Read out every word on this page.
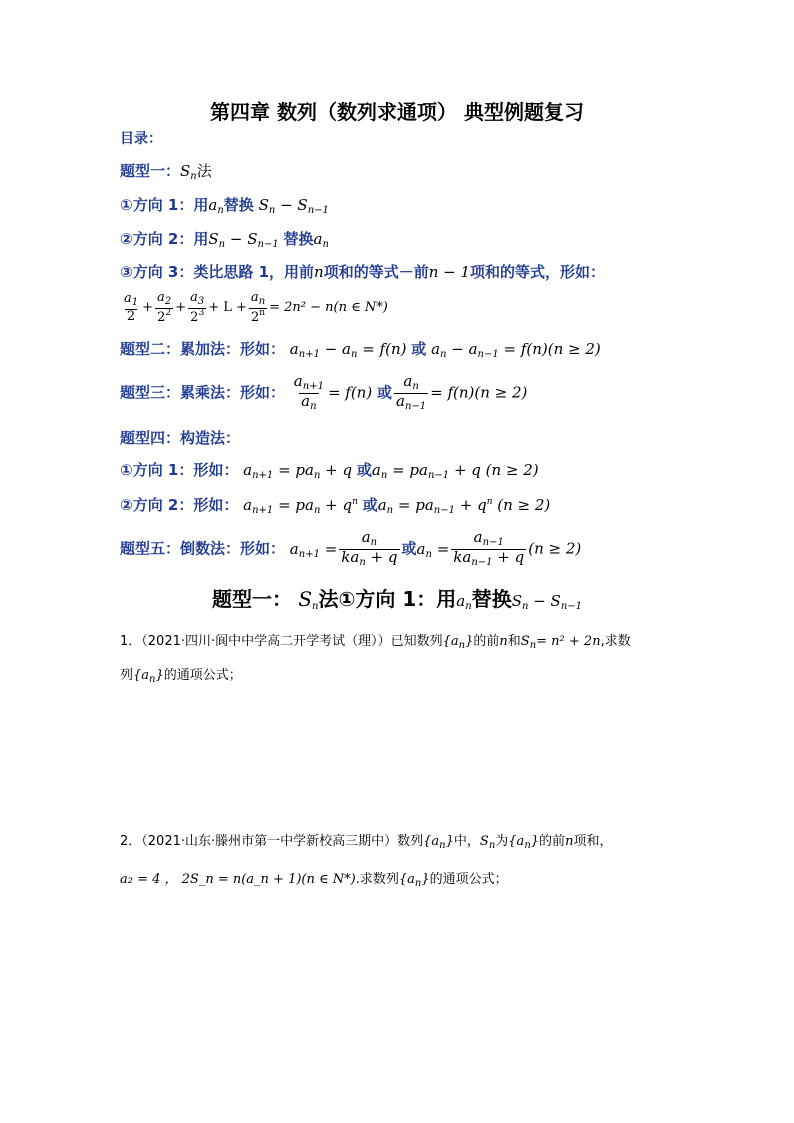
第四章 数列（数列求通项） 典型例题复习
目录：
题型一：$S_n$法
①方向 1：用$a_n$替换 $S_n - S_{n-1}$
②方向 2：用$S_n - S_{n-1}$ 替换$a_n$
③方向 3：类比思路 1，用前n项和的等式－前n − 1项和的等式，形如：
$\frac{a_1}{2} + \frac{a_2}{2^2} + \frac{a_3}{2^3} + L + \frac{a_n}{2^n} = 2n^2 - n(n$ ∈ N*)
题型二：累加法：形如： $a_{n+1} - a_n = f(n)$ 或 $a_n - a_{n-1} = f(n)(n \ge 2)$
题型三：累乘法：形如： $\frac{a_{n+1}}{a_n} = f(n)$ 或 $\frac{a_n}{a_{n-1}} = f(n)(n \ge 2)$
题型四：构造法：
①方向 1：形如： $a_{n+1} = pa_n + q$ 或$a_n = pa_{n-1} + q$ (n ≥ 2)
②方向 2：形如： $a_{n+1} = pa_n + q^n$ 或$a_n = pa_{n-1} + q^n$ (n ≥ 2)
题型五：倒数法：形如： $a_{n+1} = \frac{a_n}{ka_n + q}$ 或$a_n = \frac{a_{n-1}}{ka_{n-1} + q} (n \ge 2)$
题型一： $S_n$法①方向 1：用$a_n$替换$S_n - S_{n-1}$
1．（2021·四川·阆中中学高二开学考试（理））已知数列$\{a_n\}$的前n和$S_n= n^2 + 2n$,求数
列$\{a_n\}$的通项公式；
2．（2021·山东·滕州市第一中学新校高三期中）数列$\{a_n\}$中，$S_n$为$\{a_n\}$的前n项和，
a₂ = 4 ， 2S_n = n(a_n + 1)(n ∈ N*).求数列$\{a_n\}$的通项公式；
